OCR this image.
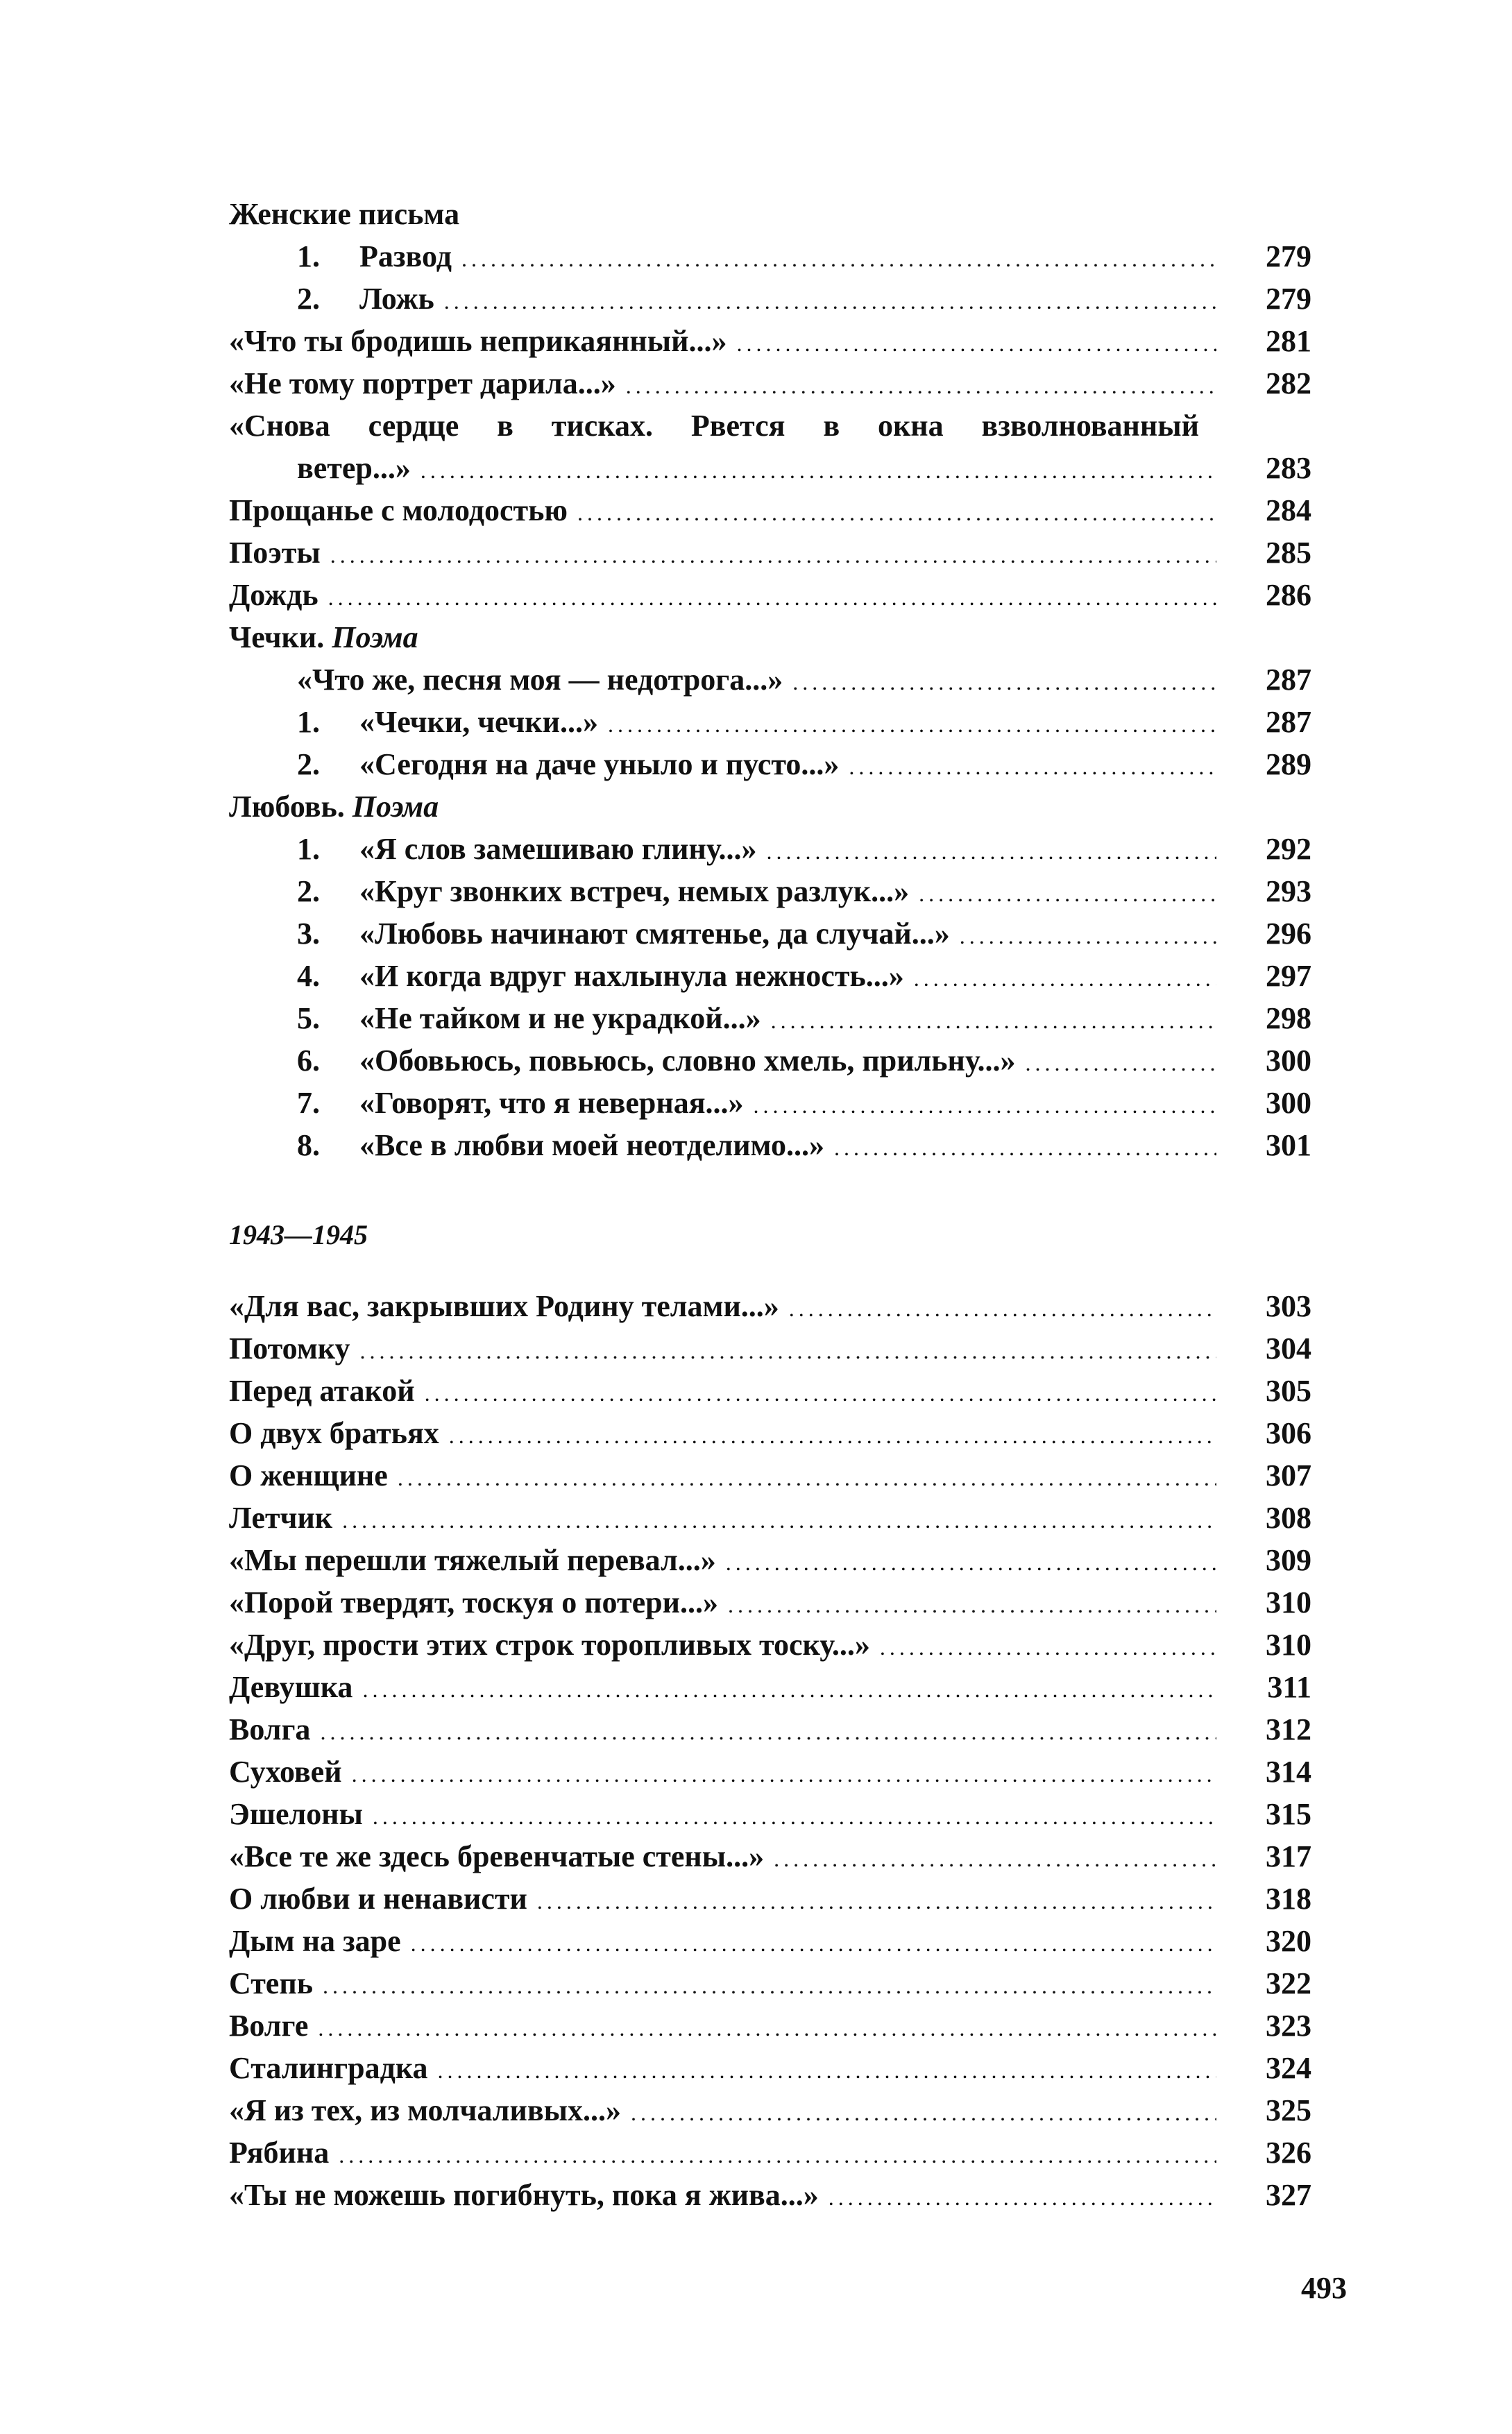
Женские письма
1.	Развод .....	279
2.	Ложь .....	279
«Что ты бродишь неприкаянный...» .....	281
«Не тому портрет дарила...» .....	282
«Снова сердце в тисках. Рвется в окна взволнованный
ветер...» .....	283
Прощанье с молодостью .....	284
Поэты .....	285
Дождь .....	286
Чечки. Поэма
«Что же, песня моя — недотрога...» .....	287
1.	«Чечки, чечки...» .....	287
2.	«Сегодня на даче уныло и пусто...» .....	289
Любовь. Поэма
1.	«Я слов замешиваю глину...» .....	292
2.	«Круг звонких встреч, немых разлук...» .....	293
3.	«Любовь начинают смятенье, да случай...» .....	296
4.	«И когда вдруг нахлынула нежность...» .....	297
5.	«Не тайком и не украдкой...» .....	298
6.	«Обовьюсь, повьюсь, словно хмель, прильну...» .....	300
7.	«Говорят, что я неверная...» .....	300
8.	«Все в любви моей неотделимо...» .....	301
1943—1945
«Для вас, закрывших Родину телами...» .....	303
Потомку .....	304
Перед атакой .....	305
О двух братьях .....	306
О женщине .....	307
Летчик .....	308
«Мы перешли тяжелый перевал...» .....	309
«Порой твердят, тоскуя о потери...» .....	310
«Друг, прости этих строк торопливых тоску...» .....	310
Девушка .....	311
Волга .....	312
Суховей .....	314
Эшелоны .....	315
«Все те же здесь бревенчатые стены...» .....	317
О любви и ненависти .....	318
Дым на заре .....	320
Степь .....	322
Волге .....	323
Сталинградка .....	324
«Я из тех, из молчаливых...» .....	325
Рябина .....	326
«Ты не можешь погибнуть, пока я жива...» .....	327
493
